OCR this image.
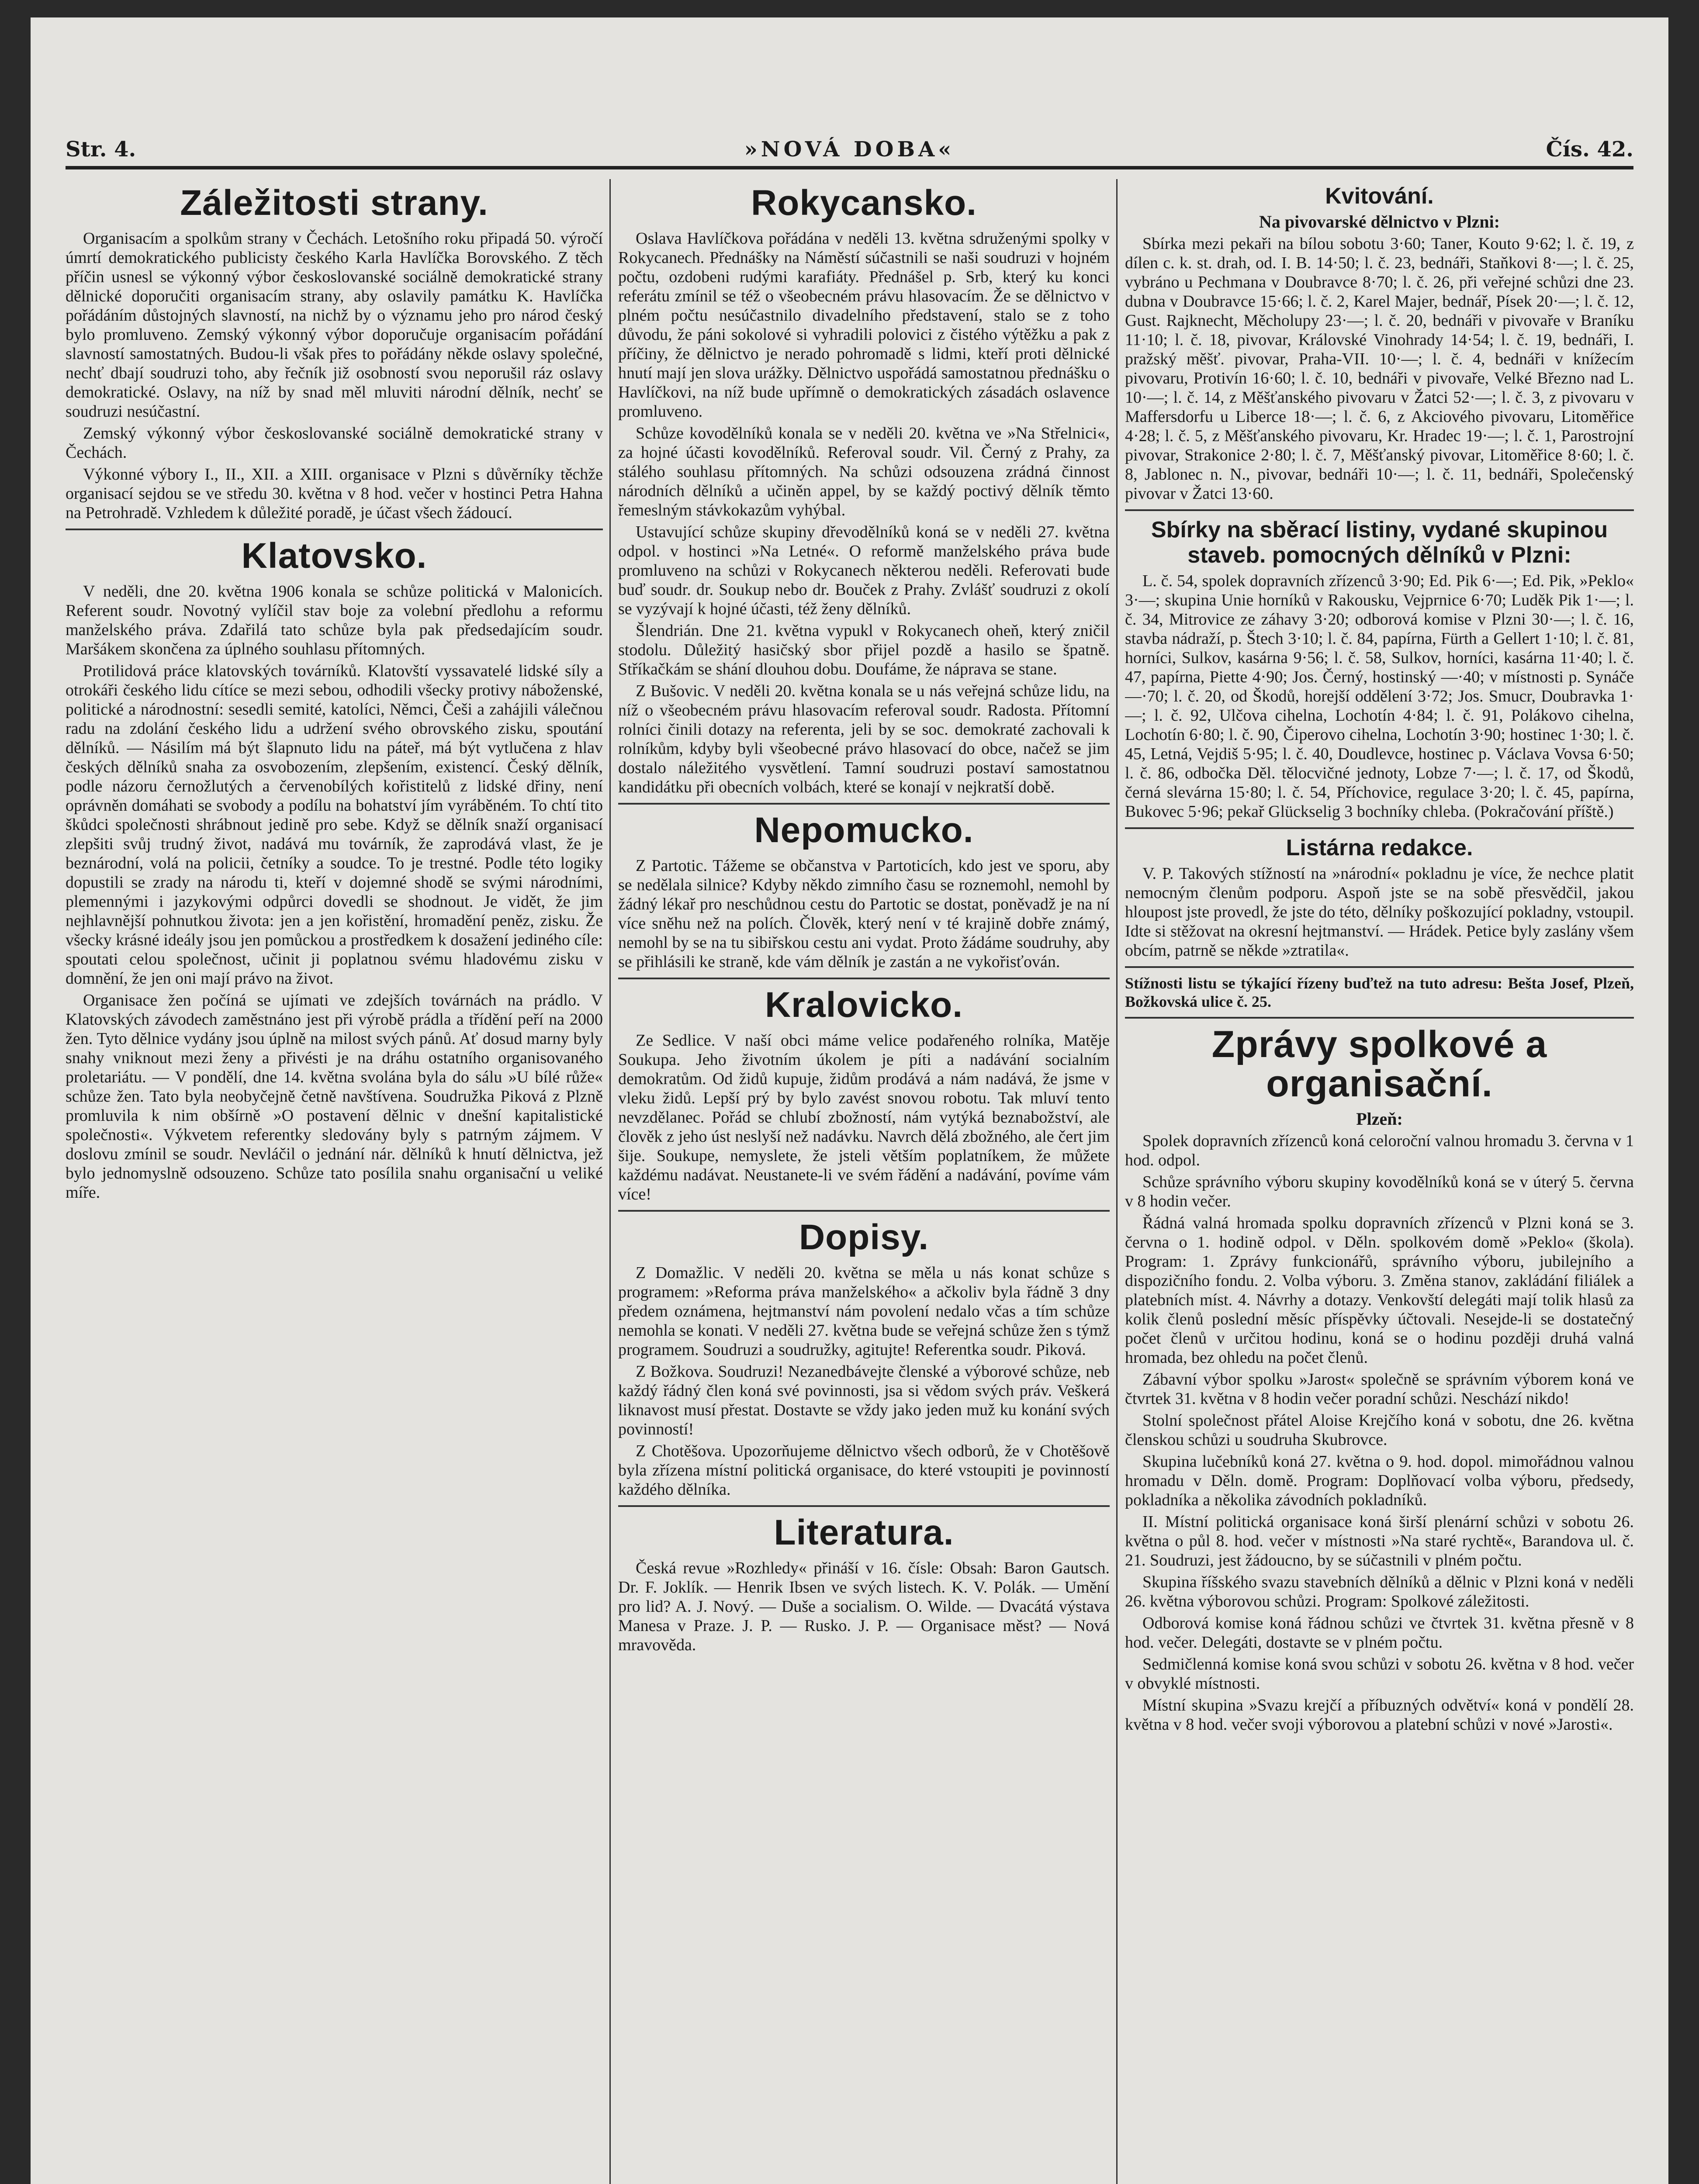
Str. 4.	»NOVÁ DOBA«	Čís. 42.
Záležitosti strany.

Organisacím a spolkům strany v Čechách. Letošního roku připadá 50. výročí úmrtí demokratického publicisty českého Karla Havlíčka Borovského. Z těch příčin usnesl se výkonný výbor českoslovanské sociálně demokratické strany dělnické doporučiti organisacím strany, aby oslavily památku K. Havlíčka pořádáním důstojných slavností, na nichž by o významu jeho pro národ český bylo promluveno. Zemský výkonný výbor doporučuje organisacím pořádání slavností samostatných. Budou-li však přes to pořádány někde oslavy společné, nechť dbají soudruzi toho, aby řečník již osobností svou neporušil ráz oslavy demokratické. Oslavy, na níž by snad měl mluviti národní dělník, nechť se soudruzi nesúčastní.

Zemský výkonný výbor českoslovanské sociálně demokratické strany v Čechách.

Výkonné výbory I., II., XII. a XIII. organisace v Plzni s důvěrníky těchže organisací sejdou se ve středu 30. května v 8 hod. večer v hostinci Petra Hahna na Petrohradě. Vzhledem k důležité poradě, je účast všech žádoucí.

Klatovsko.

V neděli, dne 20. května 1906 konala se schůze politická v Malonicích. Referent soudr. Novotný vylíčil stav boje za volební předlohu a reformu manželského práva. Zdařilá tato schůze byla pak předsedajícím soudr. Maršákem skončena za úplného souhlasu přítomných.

Protilidová práce klatovských továrníků. Klatovští vyssavatelé lidské síly a otrokáři českého lidu cítíce se mezi sebou, odhodili všecky protivy náboženské, politické a národnostní: sesedli semité, katolíci, Němci, Češi a zahájili válečnou radu na zdolání českého lidu a udržení svého obrovského zisku, spoutání dělníků. — Násilím má být šlapnuto lidu na páteř, má být vytlučena z hlav českých dělníků snaha za osvobozením, zlepšením, existencí. Český dělník, podle názoru černožlutých a červenobílých kořistitelů z lidské dřiny, není oprávněn domáhati se svobody a podílu na bohatství jím vyráběném. To chtí tito škůdci společnosti shrábnout jedině pro sebe. Když se dělník snaží organisací zlepšiti svůj trudný život, nadává mu továrník, že zaprodává vlast, že je beznárodní, volá na policii, četníky a soudce. To je trestné. Podle této logiky dopustili se zrady na národu ti, kteří v dojemné shodě se svými národními, plemennými i jazykovými odpůrci dovedli se shodnout. Je vidět, že jim nejhlavnější pohnutkou života: jen a jen kořistění, hromadění peněz, zisku. Že všecky krásné ideály jsou jen pomůckou a prostředkem k dosažení jediného cíle: spoutati celou společnost, učinit ji poplatnou svému hladovému zisku v domnění, že jen oni mají právo na život.

Organisace žen počíná se ujímati ve zdejších továrnách na prádlo. V Klatovských závodech zaměstnáno jest při výrobě prádla a třídění peří na 2000 žen. Tyto dělnice vydány jsou úplně na milost svých pánů. Ať dosud marny byly snahy vniknout mezi ženy a přivésti je na dráhu ostatního organisovaného proletariátu. — V pondělí, dne 14. května svolána byla do sálu »U bílé růže« schůze žen. Tato byla neobyčejně četně navštívena. Soudružka Piková z Plzně promluvila k nim obšírně »O postavení dělnic v dnešní kapitalistické společnosti«. Výkvetem referentky sledovány byly s patrným zájmem. V doslovu zmínil se soudr. Nevláčil o jednání nár. dělníků k hnutí dělnictva, jež bylo jednomyslně odsouzeno. Schůze tato posílila snahu organisační u veliké míře.

Rokycansko.

Oslava Havlíčkova pořádána v neděli 13. května sdruženými spolky v Rokycanech. Přednášky na Náměstí súčastnili se naši soudruzi v hojném počtu, ozdobeni rudými karafiáty. Přednášel p. Srb, který ku konci referátu zmínil se též o všeobecném právu hlasovacím. Že se dělnictvo v plném počtu nesúčastnilo divadelního představení, stalo se z toho důvodu, že páni sokolové si vyhradili polovici z čistého výtěžku a pak z příčiny, že dělnictvo je nerado pohromadě s lidmi, kteří proti dělnické hnutí mají jen slova urážky. Dělnictvo uspořádá samostatnou přednášku o Havlíčkovi, na níž bude upřímně o demokratických zásadách oslavence promluveno.

Schůze kovodělníků konala se v neděli 20. května ve »Na Střelnici«, za hojné účasti kovodělníků. Referoval soudr. Vil. Černý z Prahy, za stálého souhlasu přítomných. Na schůzi odsouzena zrádná činnost národních dělníků a učiněn appel, by se každý poctivý dělník těmto řemeslným stávkokazům vyhýbal.

Ustavující schůze skupiny dřevodělníků koná se v neděli 27. května odpol. v hostinci »Na Letné«. O reformě manželského práva bude promluveno na schůzi v Rokycanech některou neděli. Referovati bude buď soudr. dr. Soukup nebo dr. Bouček z Prahy. Zvlášť soudruzi z okolí se vyzývají k hojné účasti, též ženy dělníků.

Šlendrián. Dne 21. května vypukl v Rokycanech oheň, který zničil stodolu. Důležitý hasičský sbor přijel pozdě a hasilo se špatně. Stříkačkám se shání dlouhou dobu. Doufáme, že náprava se stane.

Z Bušovic. V neděli 20. května konala se u nás veřejná schůze lidu, na níž o všeobecném právu hlasovacím referoval soudr. Radosta. Přítomní rolníci činili dotazy na referenta, jeli by se soc. demokraté zachovali k rolníkům, kdyby byli všeobecné právo hlasovací do obce, načež se jim dostalo náležitého vysvětlení. Tamní soudruzi postaví samostatnou kandidátku při obecních volbách, které se konají v nejkratší době.

Nepomucko.

Z Partotic. Tážeme se občanstva v Partoticích, kdo jest ve sporu, aby se nedělala silnice? Kdyby někdo zimního času se roznemohl, nemohl by žádný lékař pro neschůdnou cestu do Partotic se dostat, poněvadž je na ní více sněhu než na polích. Člověk, který není v té krajině dobře známý, nemohl by se na tu sibiřskou cestu ani vydat. Proto žádáme soudruhy, aby se přihlásili ke straně, kde vám dělník je zastán a ne vykořisťován.

Kralovicko.

Ze Sedlice. V naší obci máme velice podařeného rolníka, Matěje Soukupa. Jeho životním úkolem je píti a nadávání socialním demokratům. Od židů kupuje, židům prodává a nám nadává, že jsme v vleku židů. Lepší prý by bylo zavést snovou robotu. Tak mluví tento nevzdělanec. Pořád se chlubí zbožností, nám vytýká beznabožství, ale člověk z jeho úst neslyší než nadávku. Navrch dělá zbožného, ale čert jim šije. Soukupe, nemyslete, že jsteli větším poplatníkem, že můžete každému nadávat. Neustanete-li ve svém řádění a nadávání, povíme vám více!

Dopisy.

Z Domažlic. V neděli 20. května se měla u nás konat schůze s programem: »Reforma práva manželského« a ačkoliv byla řádně 3 dny předem oznámena, hejtmanství nám povolení nedalo včas a tím schůze nemohla se konati. V neděli 27. května bude se veřejná schůze žen s týmž programem. Soudruzi a soudružky, agitujte! Referentka soudr. Piková.

Z Božkova. Soudruzi! Nezanedbávejte členské a výborové schůze, neb každý řádný člen koná své povinnosti, jsa si vědom svých práv. Veškerá liknavost musí přestat. Dostavte se vždy jako jeden muž ku konání svých povinností!

Z Chotěšova. Upozorňujeme dělnictvo všech odborů, že v Chotěšově byla zřízena místní politická organisace, do které vstoupiti je povinností každého dělníka.

Literatura.

Česká revue »Rozhledy« přináší v 16. čísle: Obsah: Baron Gautsch. Dr. F. Joklík. — Henrik Ibsen ve svých listech. K. V. Polák. — Umění pro lid? A. J. Nový. — Duše a socialism. O. Wilde. — Dvacátá výstava Manesa v Praze. J. P. — Rusko. J. P. — Organisace měst? — Nová mravověda.

Kvitování.
Na pivovarské dělnictvo v Plzni:

Sbírka mezi pekaři na bílou sobotu 3·60; Taner, Kouto 9·62; l. č. 19, z dílen c. k. st. drah, od. I. B. 14·50; l. č. 23, bednáři, Staňkovi 8·—; l. č. 25, vybráno u Pechmana v Doubravce 8·70; l. č. 26, při veřejné schůzi dne 23. dubna v Doubravce 15·66; l. č. 2, Karel Majer, bednář, Písek 20·—; l. č. 12, Gust. Rajknecht, Měcholupy 23·—; l. č. 20, bednáři v pivovaře v Braníku 11·10; l. č. 18, pivovar, Královské Vinohrady 14·54; l. č. 19, bednáři, I. pražský měšť. pivovar, Praha-VII. 10·—; l. č. 4, bednáři v knížecím pivovaru, Protivín 16·60; l. č. 10, bednáři v pivovaře, Velké Březno nad L. 10·—; l. č. 14, z Měšťanského pivovaru v Žatci 52·—; l. č. 3, z pivovaru v Maffersdorfu u Liberce 18·—; l. č. 6, z Akciového pivovaru, Litoměřice 4·28; l. č. 5, z Měšťanského pivovaru, Kr. Hradec 19·—; l. č. 1, Parostrojní pivovar, Strakonice 2·80; l. č. 7, Měšťanský pivovar, Litoměřice 8·60; l. č. 8, Jablonec n. N., pivovar, bednáři 10·—; l. č. 11, bednáři, Společenský pivovar v Žatci 13·60.

Sbírky na sběrací listiny, vydané skupinou staveb. pomocných dělníků v Plzni:

L. č. 54, spolek dopravních zřízenců 3·90; Ed. Pik 6·—; Ed. Pik, »Peklo« 3·—; skupina Unie horníků v Rakousku, Vejprnice 6·70; Luděk Pik 1·—; l. č. 34, Mitrovice ze záhavy 3·20; odborová komise v Plzni 30·—; l. č. 16, stavba nádraží, p. Štech 3·10; l. č. 84, papírna, Fürth a Gellert 1·10; l. č. 81, horníci, Sulkov, kasárna 9·56; l. č. 58, Sulkov, horníci, kasárna 11·40; l. č. 47, papírna, Piette 4·90; Jos. Černý, hostinský —·40; v místnosti p. Synáče —·70; l. č. 20, od Škodů, horejší oddělení 3·72; Jos. Smucr, Doubravka 1·—; l. č. 92, Ulčova cihelna, Lochotín 4·84; l. č. 91, Polákovo cihelna, Lochotín 6·80; l. č. 90, Čiperovo cihelna, Lochotín 3·90; hostinec 1·30; l. č. 45, Letná, Vejdiš 5·95; l. č. 40, Doudlevce, hostinec p. Václava Vovsa 6·50; l. č. 86, odbočka Děl. tělocvičné jednoty, Lobze 7·—; l. č. 17, od Škodů, černá slevárna 15·80; l. č. 54, Příchovice, regulace 3·20; l. č. 45, papírna, Bukovec 5·96; pekař Glückselig 3 bochníky chleba. (Pokračování příště.)

Listárna redakce.

V. P. Takových stížností na »národní« pokladnu je více, že nechce platit nemocným členům podporu. Aspoň jste se na sobě přesvědčil, jakou hloupost jste provedl, že jste do této, dělníky poškozující pokladny, vstoupil. Idte si stěžovat na okresní hejtmanství. — Hrádek. Petice byly zaslány všem obcím, patrně se někde »ztratila«.

Stížnosti listu se týkající řízeny buďtež na tuto adresu: Bešta Josef, Plzeň, Božkovská ulice č. 25.
Zprávy spolkové a organisační.
Plzeň:

Spolek dopravních zřízenců koná celoroční valnou hromadu 3. června v 1 hod. odpol.

Schůze správního výboru skupiny kovodělníků koná se v úterý 5. června v 8 hodin večer.

Řádná valná hromada spolku dopravních zřízenců v Plzni koná se 3. června o 1. hodině odpol. v Děln. spolkovém domě »Peklo« (škola). Program: 1. Zprávy funkcionářů, správního výboru, jubilejního a dispozičního fondu. 2. Volba výboru. 3. Změna stanov, zakládání filiálek a platebních míst. 4. Návrhy a dotazy. Venkovští delegáti mají tolik hlasů za kolik členů poslední měsíc příspěvky účtovali. Nesejde-li se dostatečný počet členů v určitou hodinu, koná se o hodinu později druhá valná hromada, bez ohledu na počet členů.

Zábavní výbor spolku »Jarost« společně se správním výborem koná ve čtvrtek 31. května v 8 hodin večer poradní schůzi. Neschází nikdo!

Stolní společnost přátel Aloise Krejčího koná v sobotu, dne 26. května členskou schůzi u soudruha Skubrovce.

Skupina lučebníků koná 27. května o 9. hod. dopol. mimořádnou valnou hromadu v Děln. domě. Program: Doplňovací volba výboru, předsedy, pokladníka a několika závodních pokladníků.

II. Místní politická organisace koná širší plenární schůzi v sobotu 26. května o půl 8. hod. večer v místnosti »Na staré rychtě«, Barandova ul. č. 21. Soudruzi, jest žádoucno, by se súčastnili v plném počtu.

Skupina říšského svazu stavebních dělníků a dělnic v Plzni koná v neděli 26. května výborovou schůzi. Program: Spolkové záležitosti.

Odborová komise koná řádnou schůzi ve čtvrtek 31. května přesně v 8 hod. večer. Delegáti, dostavte se v plném počtu.

Sedmičlenná komise koná svou schůzi v sobotu 26. května v 8 hod. večer v obvyklé místnosti.

Místní skupina »Svazu krejčí a příbuzných odvětví« koná v pondělí 28. května v 8 hod. večer svoji výborovou a platební schůzi v nové »Jarosti«.
